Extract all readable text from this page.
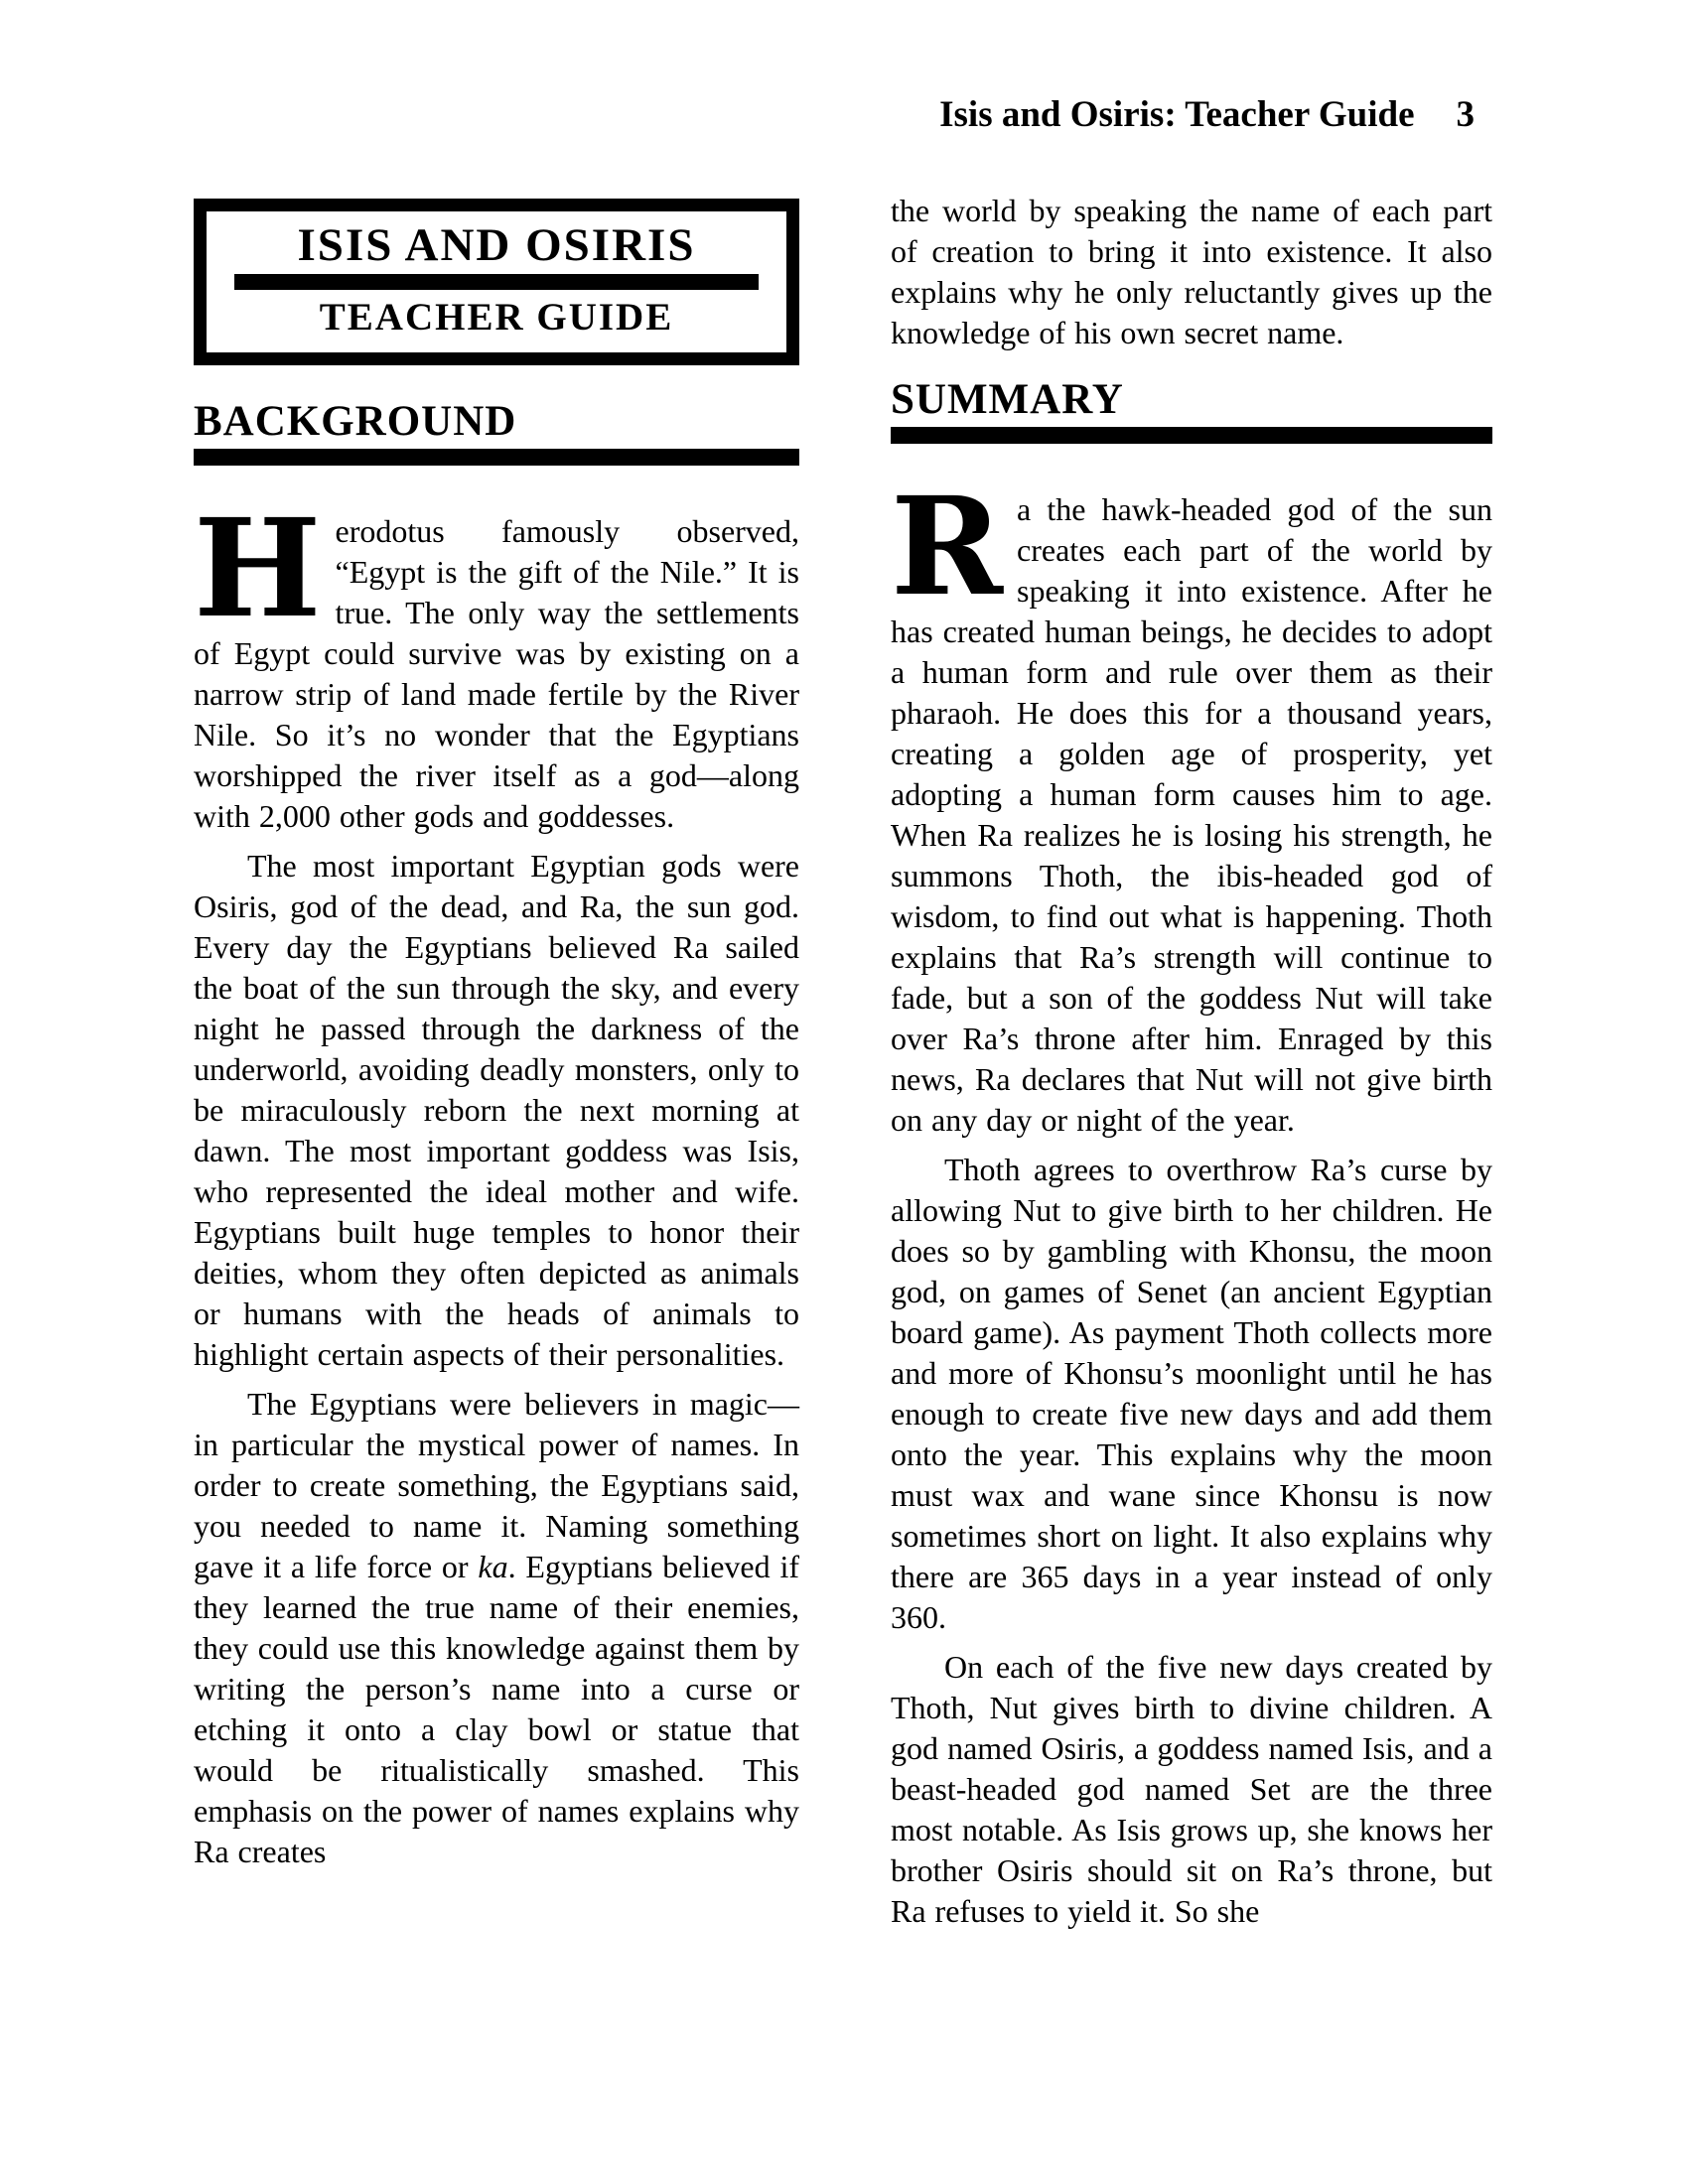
Isis and Osiris: Teacher Guide 3
ISIS AND OSIRIS
TEACHER GUIDE
BACKGROUND

Herodotus famously observed, “Egypt is the gift of the Nile.” It is true. The only way the settlements of Egypt could survive was by existing on a narrow strip of land made fertile by the River Nile. So it’s no wonder that the Egyptians worshipped the river itself as a god—along with 2,000 other gods and goddesses.

The most important Egyptian gods were Osiris, god of the dead, and Ra, the sun god. Every day the Egyptians believed Ra sailed the boat of the sun through the sky, and every night he passed through the darkness of the underworld, avoiding deadly monsters, only to be miraculously reborn the next morning at dawn. The most important goddess was Isis, who represented the ideal mother and wife. Egyptians built huge temples to honor their deities, whom they often depicted as animals or humans with the heads of animals to highlight certain aspects of their personalities.

The Egyptians were believers in magic—in particular the mystical power of names. In order to create something, the Egyptians said, you needed to name it. Naming something gave it a life force or ka. Egyptians believed if they learned the true name of their enemies, they could use this knowledge against them by writing the person’s name into a curse or etching it onto a clay bowl or statue that would be ritualistically smashed. This emphasis on the power of names explains why Ra creates

the world by speaking the name of each part of creation to bring it into existence. It also explains why he only reluctantly gives up the knowledge of his own secret name.

SUMMARY

Ra the hawk-headed god of the sun creates each part of the world by speaking it into existence. After he has created human beings, he decides to adopt a human form and rule over them as their pharaoh. He does this for a thousand years, creating a golden age of prosperity, yet adopting a human form causes him to age. When Ra realizes he is losing his strength, he summons Thoth, the ibis-headed god of wisdom, to find out what is happening. Thoth explains that Ra’s strength will continue to fade, but a son of the goddess Nut will take over Ra’s throne after him. Enraged by this news, Ra declares that Nut will not give birth on any day or night of the year.

Thoth agrees to overthrow Ra’s curse by allowing Nut to give birth to her children. He does so by gambling with Khonsu, the moon god, on games of Senet (an ancient Egyptian board game). As payment Thoth collects more and more of Khonsu’s moonlight until he has enough to create five new days and add them onto the year. This explains why the moon must wax and wane since Khonsu is now sometimes short on light. It also explains why there are 365 days in a year instead of only 360.

On each of the five new days created by Thoth, Nut gives birth to divine children. A god named Osiris, a goddess named Isis, and a beast-headed god named Set are the three most notable. As Isis grows up, she knows her brother Osiris should sit on Ra’s throne, but Ra refuses to yield it. So she
